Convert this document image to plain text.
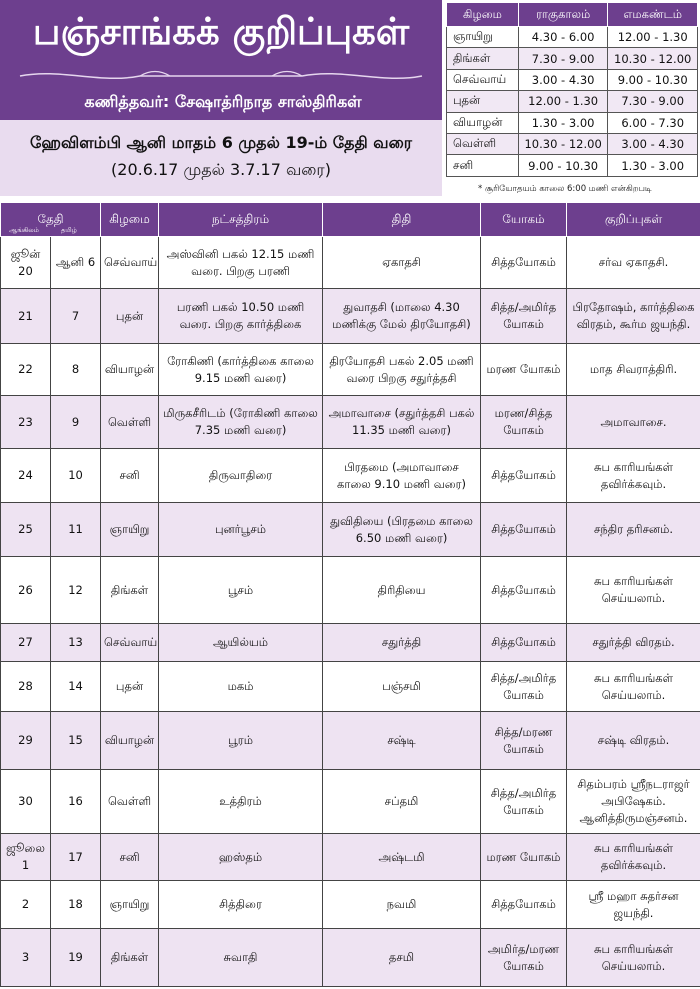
பஞ்சாங்கக் குறிப்புகள்
கணித்தவர்: சேஷாத்ரிநாத சாஸ்திரிகள்
ஹேவிளம்பி ஆனி மாதம் 6 முதல் 19-ம் தேதி வரை
(20.6.17 முதல் 3.7.17 வரை)
கிழமை	ராகுகாலம்	எமகண்டம்
ஞாயிறு	4.30 - 6.00	12.00 - 1.30
திங்கள்	7.30 - 9.00	10.30 - 12.00
செவ்வாய்	3.00 - 4.30	9.00 - 10.30
புதன்	12.00 - 1.30	7.30 - 9.00
வியாழன்	1.30 - 3.00	6.00 - 7.30
வெள்ளி	10.30 - 12.00	3.00 - 4.30
சனி	9.00 - 10.30	1.30 - 3.00
* சூரியோதயம் காலை 6:00 மணி என்கிறபடி
தேதி
ஆங்கிலம் தமிழ்		கிழமை	நட்சத்திரம்	திதி	யோகம்	குறிப்புகள்
ஜூன் 20	ஆனி 6	செவ்வாய்	அஸ்வினி பகல் 12.15 மணி வரை. பிறகு பரணி	ஏகாதசி	சித்தயோகம்	சர்வ ஏகாதசி.
21	7	புதன்	பரணி பகல் 10.50 மணி வரை. பிறகு கார்த்திகை	துவாதசி (மாலை 4.30 மணிக்கு மேல் திரயோதசி)	சித்த/அமிர்த யோகம்	பிரதோஷம், கார்த்திகை விரதம், கூர்ம ஜயந்தி.
22	8	வியாழன்	ரோகிணி (கார்த்திகை காலை 9.15 மணி வரை)	திரயோதசி பகல் 2.05 மணி வரை பிறகு சதுர்த்தசி	மரண யோகம்	மாத சிவராத்திரி.
23	9	வெள்ளி	மிருகசீரிடம் (ரோகிணி காலை 7.35 மணி வரை)	அமாவாசை (சதுர்த்தசி பகல் 11.35 மணி வரை)	மரண/சித்த யோகம்	அமாவாசை.
24	10	சனி	திருவாதிரை	பிரதமை (அமாவாசை காலை 9.10 மணி வரை)	சித்தயோகம்	சுப காரியங்கள் தவிர்க்கவும்.
25	11	ஞாயிறு	புனர்பூசம்	துவிதியை (பிரதமை காலை 6.50 மணி வரை)	சித்தயோகம்	சந்திர தரிசனம்.
26	12	திங்கள்	பூசம்	திரிதியை	சித்தயோகம்	சுப காரியங்கள் செய்யலாம்.
27	13	செவ்வாய்	ஆயில்யம்	சதுர்த்தி	சித்தயோகம்	சதுர்த்தி விரதம்.
28	14	புதன்	மகம்	பஞ்சமி	சித்த/அமிர்த யோகம்	சுப காரியங்கள் செய்யலாம்.
29	15	வியாழன்	பூரம்	சஷ்டி	சித்த/மரண யோகம்	சஷ்டி விரதம்.
30	16	வெள்ளி	உத்திரம்	சப்தமி	சித்த/அமிர்த யோகம்	சிதம்பரம் ஸ்ரீநடராஜர் அபிஷேகம். ஆனித்திருமஞ்சனம்.
ஜூலை 1	17	சனி	ஹஸ்தம்	அஷ்டமி	மரண யோகம்	சுப காரியங்கள் தவிர்க்கவும்.
2	18	ஞாயிறு	சித்திரை	நவமி	சித்தயோகம்	ஸ்ரீ மஹா சுதர்சன ஜயந்தி.
3	19	திங்கள்	சுவாதி	தசமி	அமிர்த/மரண யோகம்	சுப காரியங்கள் செய்யலாம்.
